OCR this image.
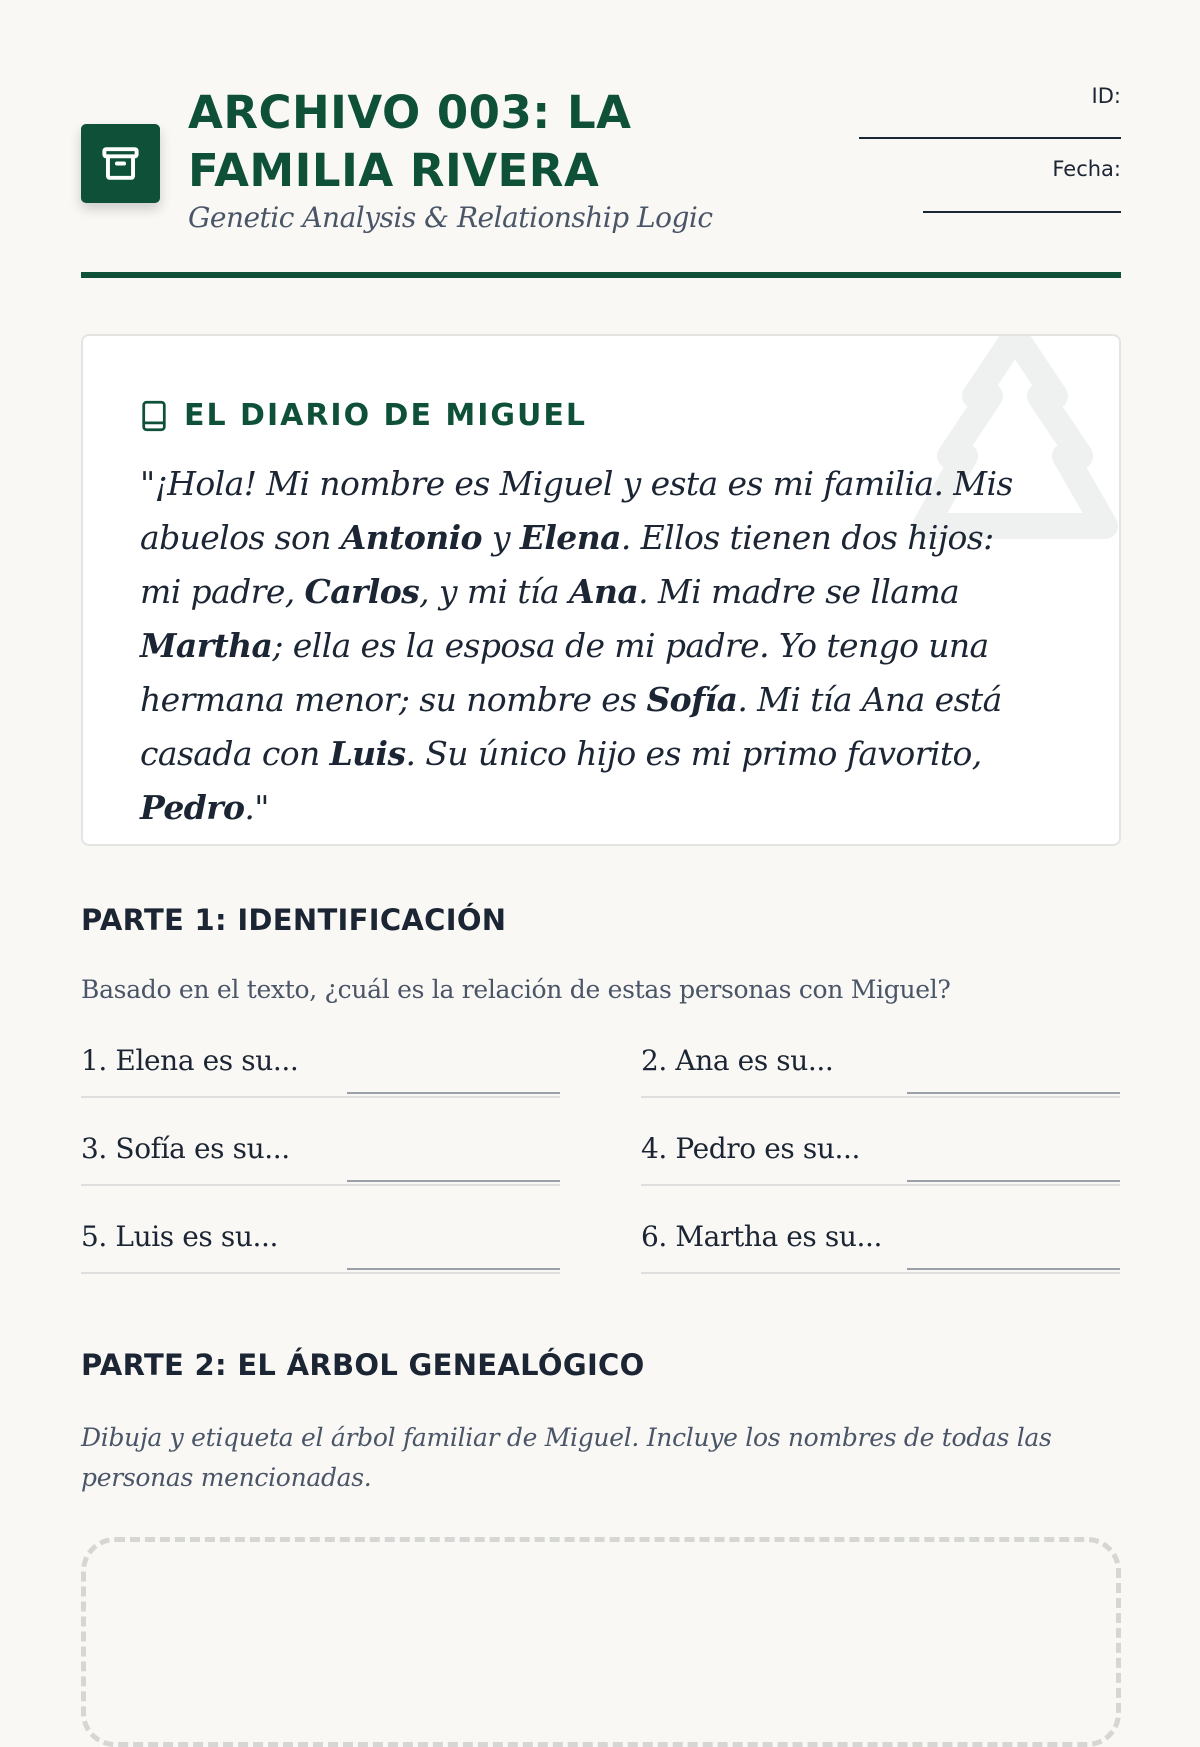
ARCHIVO 003: LA FAMILIA RIVERA
Genetic Analysis & Relationship Logic
ID:
Fecha:
EL DIARIO DE MIGUEL

"¡Hola! Mi nombre es Miguel y esta es mi familia. Mis abuelos son Antonio y Elena. Ellos tienen dos hijos: mi padre, Carlos, y mi tía Ana. Mi madre se llama Martha; ella es la esposa de mi padre. Yo tengo una hermana menor; su nombre es Sofía. Mi tía Ana está casada con Luis. Su único hijo es mi primo favorito, Pedro."

PARTE 1: IDENTIFICACIÓN

Basado en el texto, ¿cuál es la relación de estas personas con Miguel?

1. Elena es su...	2. Ana es su...
3. Sofía es su...	4. Pedro es su...
5. Luis es su...	6. Martha es su...
PARTE 2: EL ÁRBOL GENEALÓGICO

Dibuja y etiqueta el árbol familiar de Miguel. Incluye los nombres de todas las personas mencionadas.
